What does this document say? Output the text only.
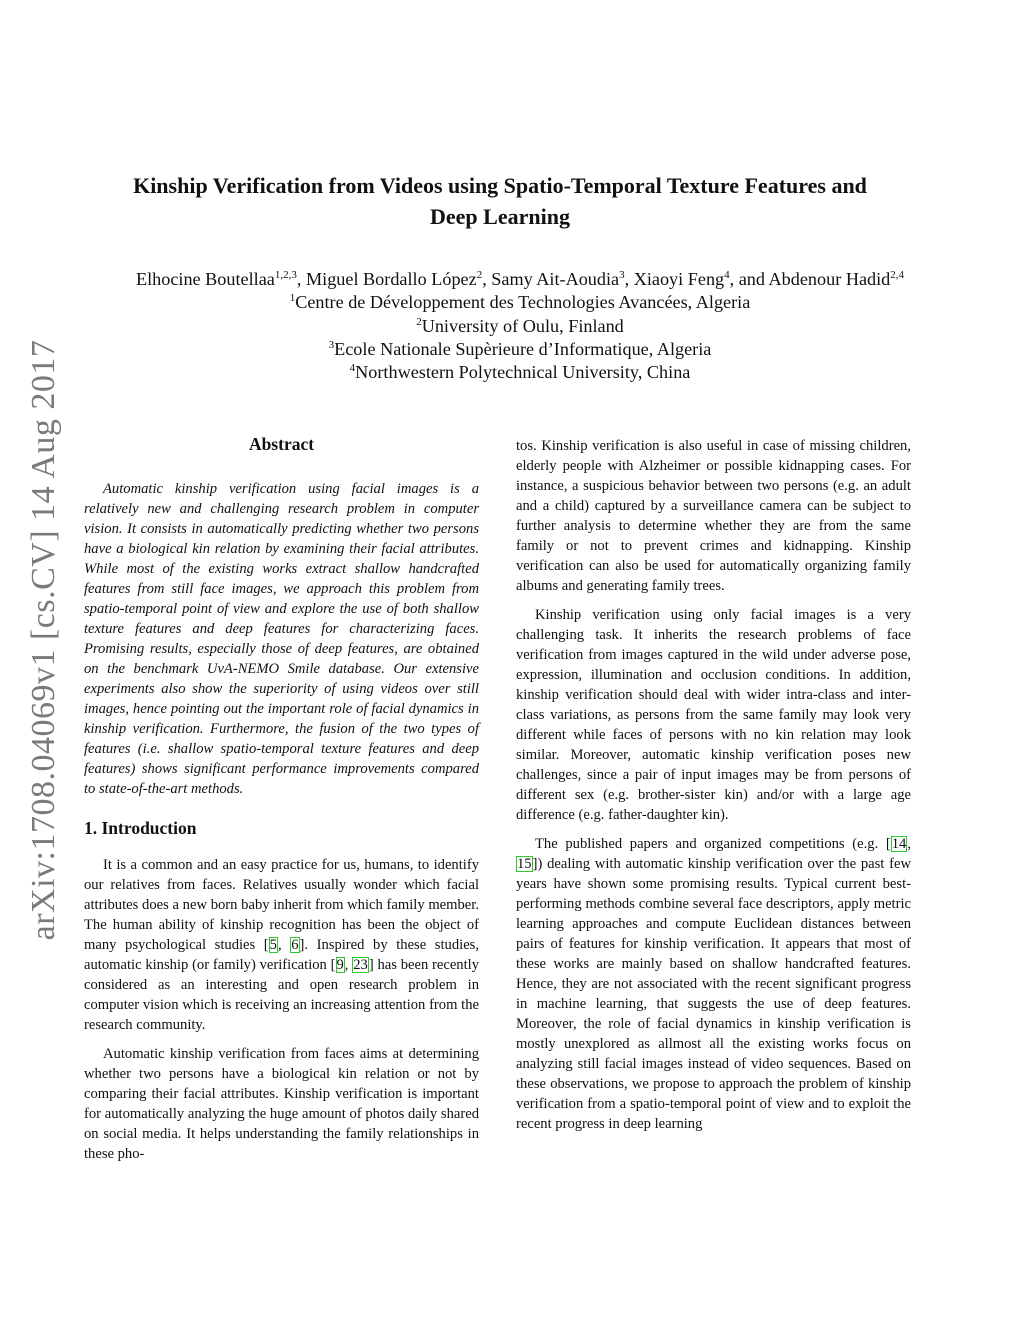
arXiv:1708.04069v1 [cs.CV] 14 Aug 2017
Kinship Verification from Videos using Spatio-Temporal Texture Features and
Deep Learning
Elhocine Boutellaa$^{1,2,3}$, Miguel Bordallo López$^2$, Samy Ait-Aoudia$^3$, Xiaoyi Feng$^4$, and Abdenour Hadid$^{2,4}$
$^1$Centre de Développement des Technologies Avancées, Algeria
$^2$University of Oulu, Finland
$^3$Ecole Nationale Supèrieure d’Informatique, Algeria
$^4$Northwestern Polytechnical University, China
Abstract

Automatic kinship verification using facial images is a relatively new and challenging research problem in computer vision. It consists in automatically predicting whether two persons have a biological kin relation by examining their facial attributes. While most of the existing works extract shallow handcrafted features from still face images, we approach this problem from spatio-temporal point of view and explore the use of both shallow texture features and deep features for characterizing faces. Promising results, especially those of deep features, are obtained on the benchmark UvA-NEMO Smile database. Our extensive experiments also show the superiority of using videos over still images, hence pointing out the important role of facial dynamics in kinship verification. Furthermore, the fusion of the two types of features (i.e. shallow spatio-temporal texture features and deep features) shows significant performance improvements compared to state-of-the-art methods.

1. Introduction

It is a common and an easy practice for us, humans, to identify our relatives from faces. Relatives usually wonder which facial attributes does a new born baby inherit from which family member. The human ability of kinship recognition has been the object of many psychological studies [5, 6]. Inspired by these studies, automatic kinship (or family) verification [9, 23] has been recently considered as an interesting and open research problem in computer vision which is receiving an increasing attention from the research community.

Automatic kinship verification from faces aims at determining whether two persons have a biological kin relation or not by comparing their facial attributes. Kinship verification is important for automatically analyzing the huge amount of photos daily shared on social media. It helps understanding the family relationships in these pho-

tos. Kinship verification is also useful in case of missing children, elderly people with Alzheimer or possible kidnapping cases. For instance, a suspicious behavior between two persons (e.g. an adult and a child) captured by a surveillance camera can be subject to further analysis to determine whether they are from the same family or not to prevent crimes and kidnapping. Kinship verification can also be used for automatically organizing family albums and generating family trees.

Kinship verification using only facial images is a very challenging task. It inherits the research problems of face verification from images captured in the wild under adverse pose, expression, illumination and occlusion conditions. In addition, kinship verification should deal with wider intra-class and inter-class variations, as persons from the same family may look very different while faces of persons with no kin relation may look similar. Moreover, automatic kinship verification poses new challenges, since a pair of input images may be from persons of different sex (e.g. brother-sister kin) and/or with a large age difference (e.g. father-daughter kin).

The published papers and organized competitions (e.g. [14, 15]) dealing with automatic kinship verification over the past few years have shown some promising results. Typical current best-performing methods combine several face descriptors, apply metric learning approaches and compute Euclidean distances between pairs of features for kinship verification. It appears that most of these works are mainly based on shallow handcrafted features. Hence, they are not associated with the recent significant progress in machine learning, that suggests the use of deep features. Moreover, the role of facial dynamics in kinship verification is mostly unexplored as allmost all the existing works focus on analyzing still facial images instead of video sequences. Based on these observations, we propose to approach the problem of kinship verification from a spatio-temporal point of view and to exploit the recent progress in deep learning
